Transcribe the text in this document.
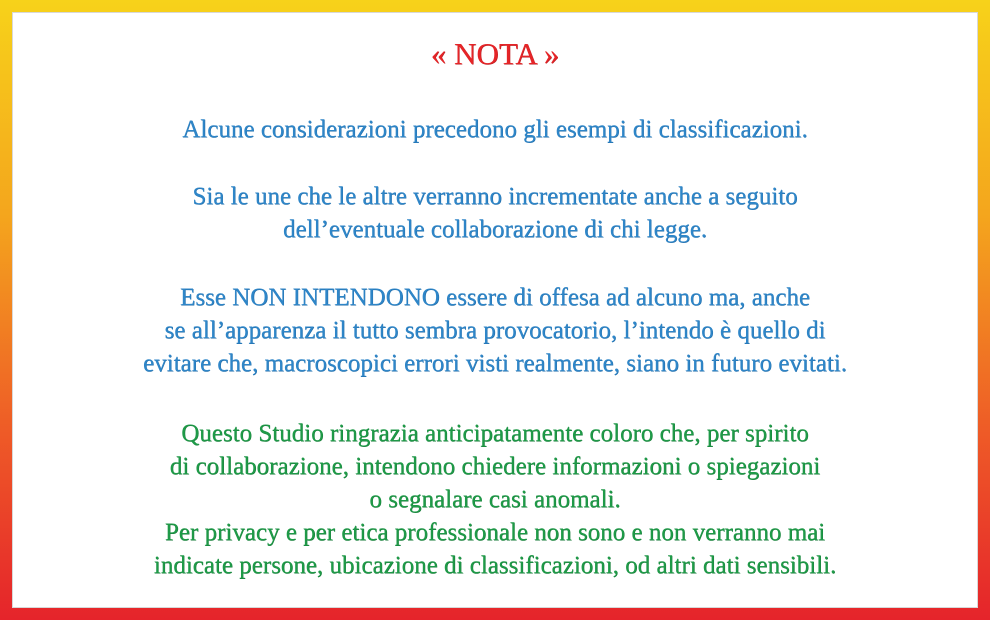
« NOTA »
Alcune considerazioni precedono gli esempi di classificazioni.
Sia le une che le altre verranno incrementate anche a seguito
dell’eventuale collaborazione di chi legge.
Esse NON INTENDONO essere di offesa ad alcuno ma, anche
se all’apparenza il tutto sembra provocatorio, l’intendo è quello di
evitare che, macroscopici errori visti realmente, siano in futuro evitati.
Questo Studio ringrazia anticipatamente coloro che, per spirito
di collaborazione, intendono chiedere informazioni o spiegazioni
o segnalare casi anomali.
Per privacy e per etica professionale non sono e non verranno mai
indicate persone, ubicazione di classificazioni, od altri dati sensibili.
